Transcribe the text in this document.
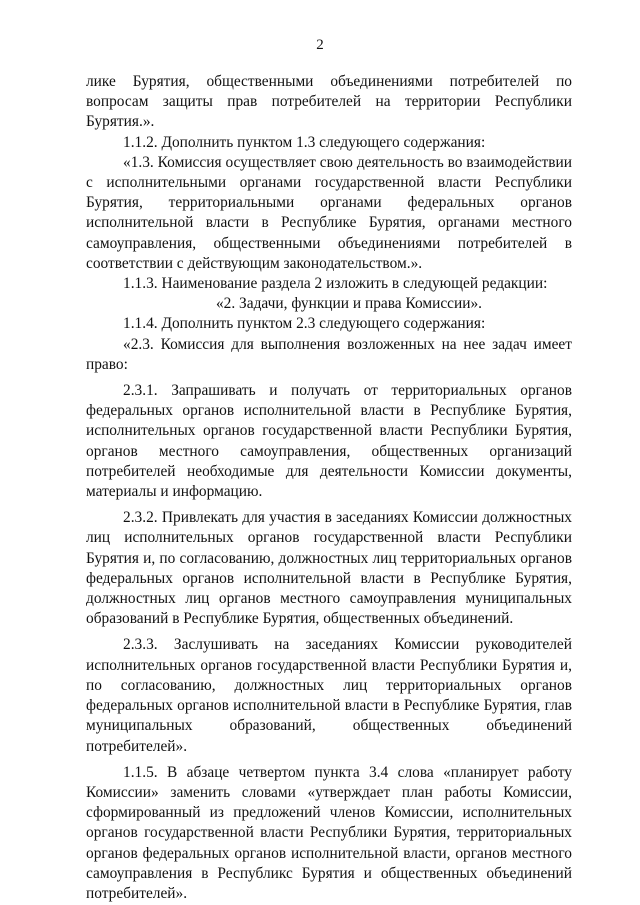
2

лике Бурятия, общественными объединениями потребителей по вопросам защиты прав потребителей на территории Республики Бурятия.».

1.1.2. Дополнить пунктом 1.3 следующего содержания:

«1.3. Комиссия осуществляет свою деятельность во взаимодействии с исполнительными органами государственной власти Республики Бурятия, территориальными органами федеральных органов исполнительной власти в Республике Бурятия, органами местного самоуправления, общественными объединениями потребителей в соответствии с действующим законодательством.».

1.1.3. Наименование раздела 2 изложить в следующей редакции:

«2. Задачи, функции и права Комиссии».

1.1.4. Дополнить пунктом 2.3 следующего содержания:

«2.3. Комиссия для выполнения возложенных на нее задач имеет право:

2.3.1. Запрашивать и получать от территориальных органов федеральных органов исполнительной власти в Республике Бурятия, исполнительных органов государственной власти Республики Бурятия, органов местного самоуправления, общественных организаций потребителей необходимые для деятельности Комиссии документы, материалы и информацию.

2.3.2. Привлекать для участия в заседаниях Комиссии должностных лиц исполнительных органов государственной власти Республики Бурятия и, по согласованию, должностных лиц территориальных органов федеральных органов исполнительной власти в Республике Бурятия, должностных лиц органов местного самоуправления муниципальных образований в Республике Бурятия, общественных объединений.

2.3.3. Заслушивать на заседаниях Комиссии руководителей исполнительных органов государственной власти Республики Бурятия и, по согласованию, должностных лиц территориальных органов федеральных органов исполнительной власти в Республике Бурятия, глав муниципальных образований, общественных объединений потребителей».

1.1.5. В абзаце четвертом пункта 3.4 слова «планирует работу Комиссии» заменить словами «утверждает план работы Комиссии, сформированный из предложений членов Комиссии, исполнительных органов государственной власти Республики Бурятия, территориальных органов федеральных органов исполнительной власти, органов местного самоуправления в Республикс Бурятия и общественных объединений потребителей».
